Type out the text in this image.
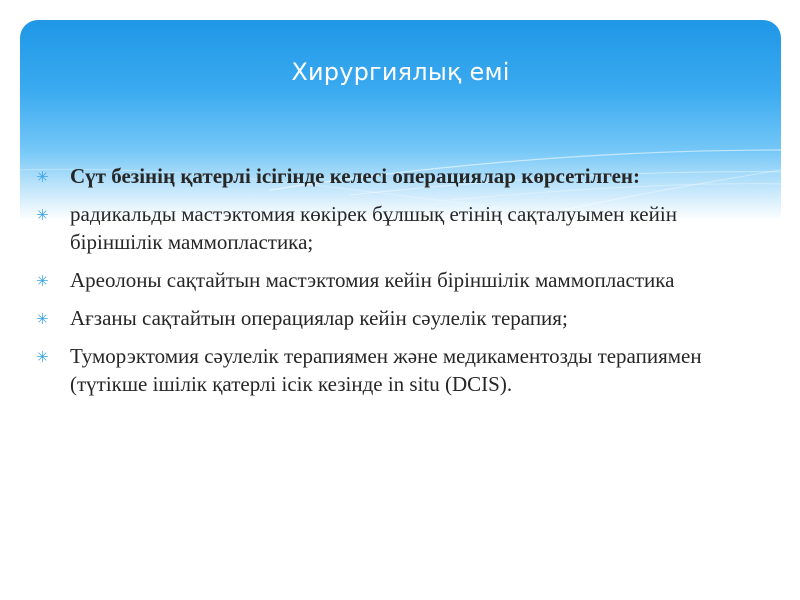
Хирургиялық емі
✳ Сүт безінің қатерлі ісігінде келесі операциялар көрсетілген:
✳ радикальды мастэктомия көкірек бұлшық етінің сақталуымен кейін біріншілік маммопластика;
✳ Ареолоны сақтайтын мастэктомия кейін біріншілік маммопластика
✳ Ағзаны сақтайтын операциялар кейін сәулелік терапия;
✳ Туморэктомия сәулелік терапиямен және медикаментозды терапиямен (түтікше ішілік қатерлі ісік кезінде in situ (DCIS).
